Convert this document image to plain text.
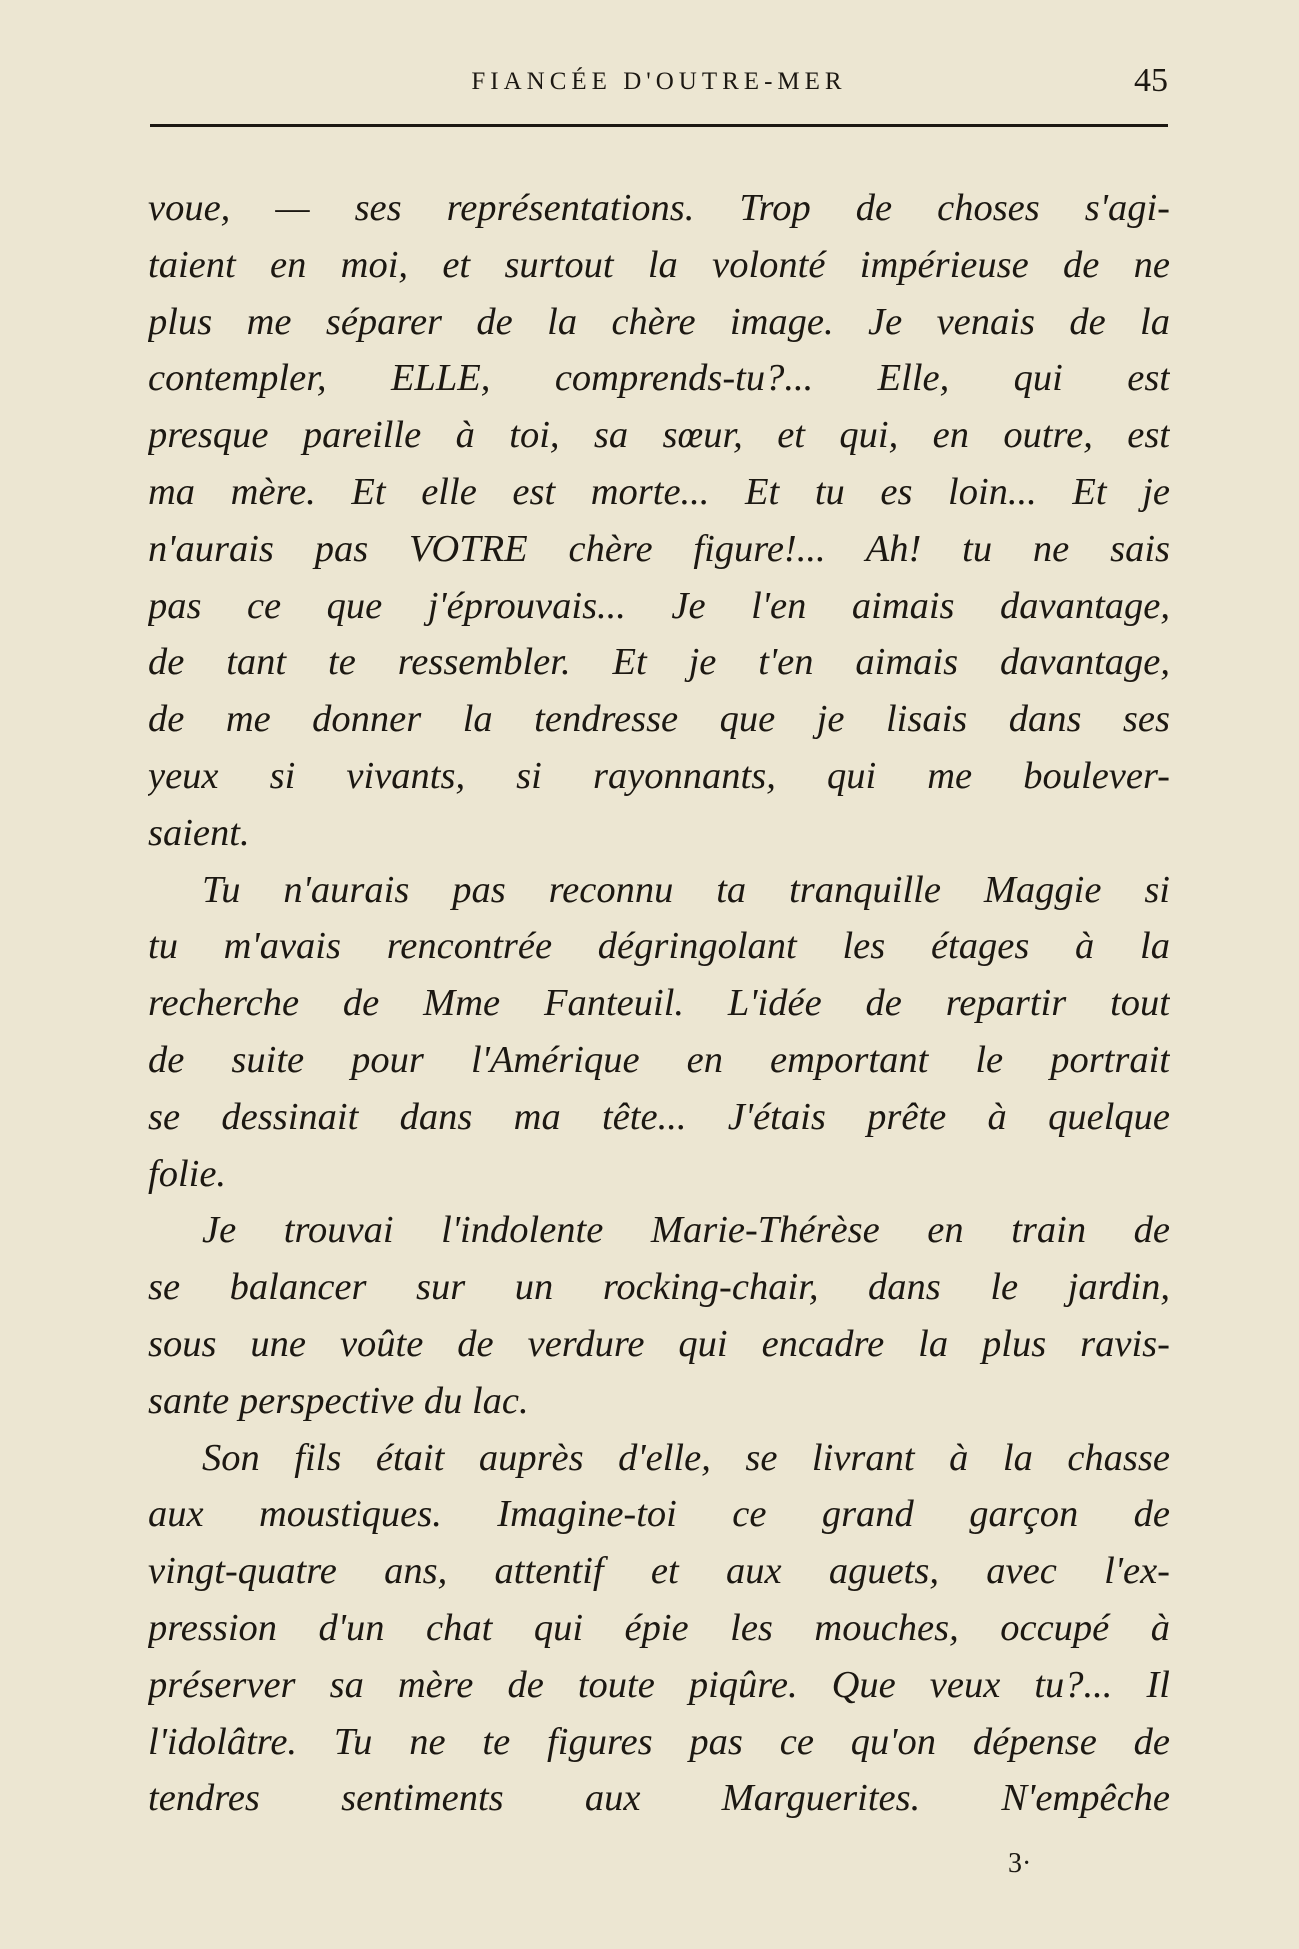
FIANCÉE D'OUTRE-MER	45
voue, — ses représentations. Trop de choses s'agi-
taient en moi, et surtout la volonté impérieuse de ne
plus me séparer de la chère image. Je venais de la
contempler, ELLE, comprends-tu?... Elle, qui est
presque pareille à toi, sa sœur, et qui, en outre, est
ma mère. Et elle est morte... Et tu es loin... Et je
n'aurais pas VOTRE chère figure!... Ah! tu ne sais
pas ce que j'éprouvais... Je l'en aimais davantage,
de tant te ressembler. Et je t'en aimais davantage,
de me donner la tendresse que je lisais dans ses
yeux si vivants, si rayonnants, qui me boulever-
saient.
Tu n'aurais pas reconnu ta tranquille Maggie si
tu m'avais rencontrée dégringolant les étages à la
recherche de Mme Fanteuil. L'idée de repartir tout
de suite pour l'Amérique en emportant le portrait
se dessinait dans ma tête... J'étais prête à quelque
folie.
Je trouvai l'indolente Marie-Thérèse en train de
se balancer sur un rocking-chair, dans le jardin,
sous une voûte de verdure qui encadre la plus ravis-
sante perspective du lac.
Son fils était auprès d'elle, se livrant à la chasse
aux moustiques. Imagine-toi ce grand garçon de
vingt-quatre ans, attentif et aux aguets, avec l'ex-
pression d'un chat qui épie les mouches, occupé à
préserver sa mère de toute piqûre. Que veux tu?... Il
l'idolâtre. Tu ne te figures pas ce qu'on dépense de
tendres sentiments aux Marguerites. N'empêche
3·
